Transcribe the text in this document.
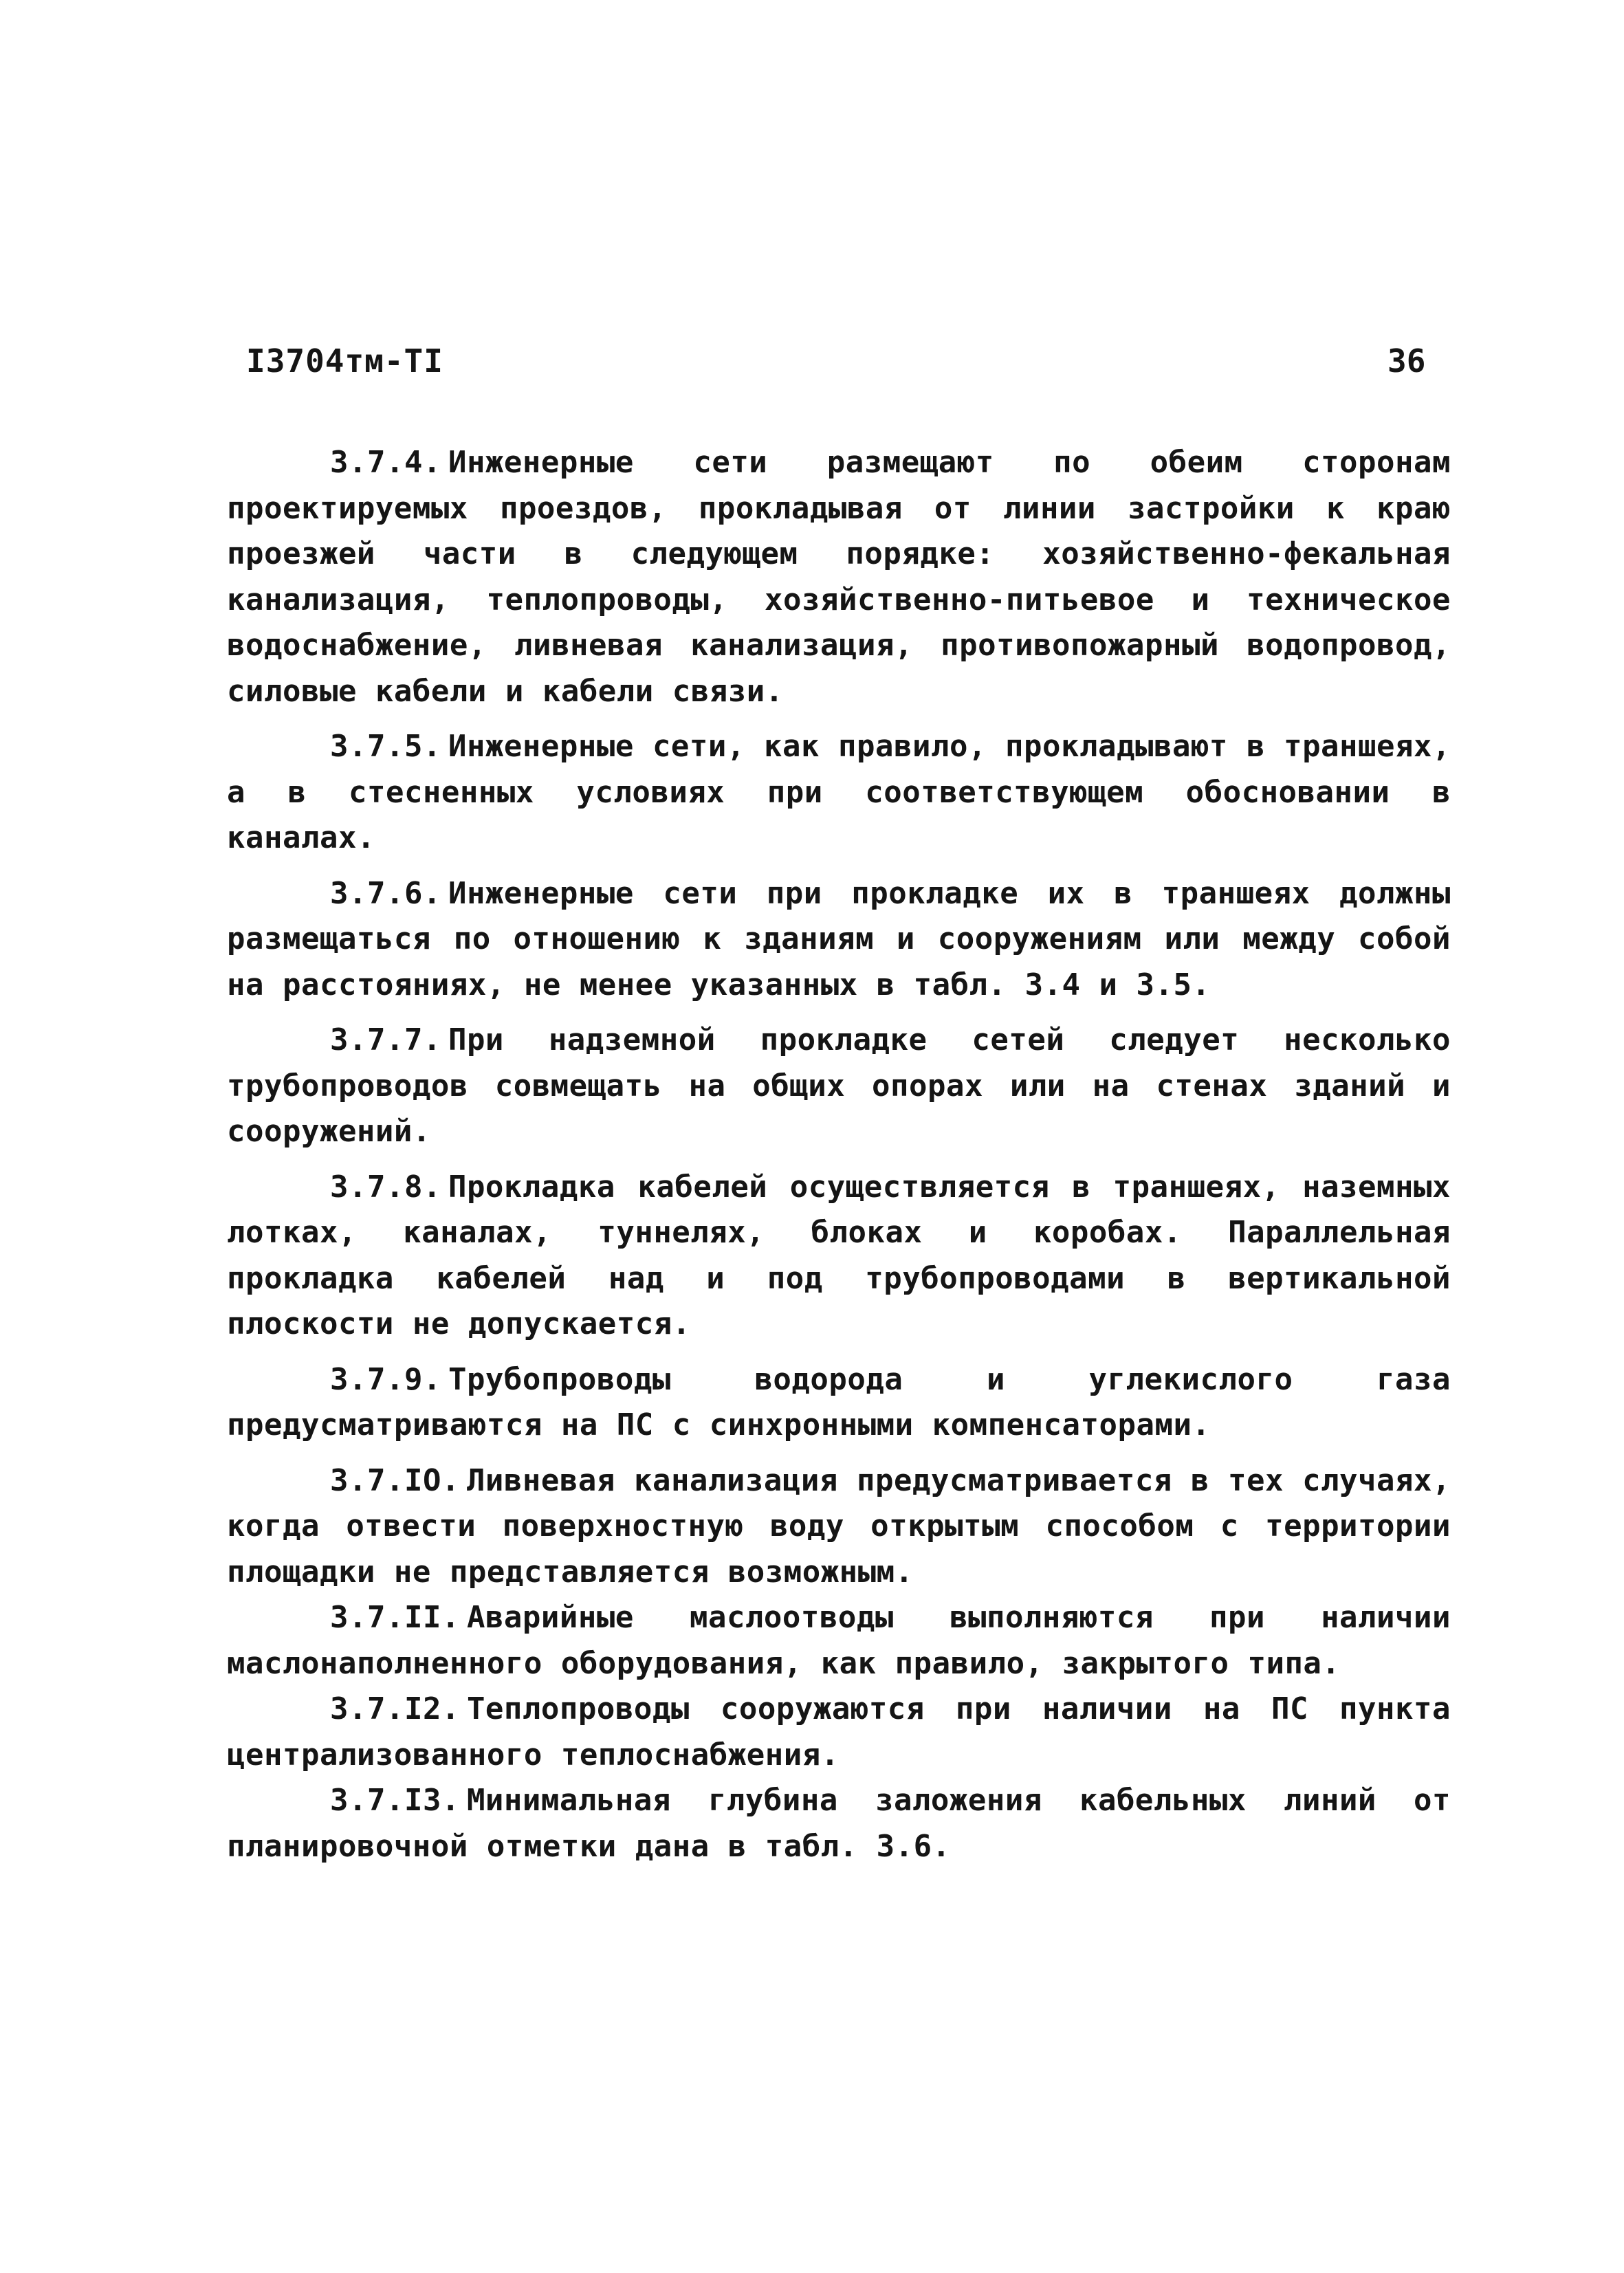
I3704тм-ТI	36

3.7.4. Инженерные сети размещают по обеим сторонам проектируемых проездов, прокладывая от линии застройки к краю проезжей части в следующем порядке: хозяйственно-фекальная канализация, теплопроводы, хозяйственно-питьевое и техническое водоснабжение, ливневая канализация, противопожарный водопровод, силовые кабели и кабели связи.

3.7.5. Инженерные сети, как правило, прокладывают в траншеях, а в стесненных условиях при соответствующем обосновании в каналах.

3.7.6. Инженерные сети при прокладке их в траншеях должны размещаться по отношению к зданиям и сооружениям или между собой на расстояниях, не менее указанных в табл. 3.4 и 3.5.

3.7.7. При надземной прокладке сетей следует несколько трубопроводов совмещать на общих опорах или на стенах зданий и сооружений.

3.7.8. Прокладка кабелей осуществляется в траншеях, наземных лотках, каналах, туннелях, блоках и коробах. Параллельная прокладка кабелей над и под трубопроводами в вертикальной плоскости не допускается.

3.7.9. Трубопроводы водорода и углекислого газа предусматриваются на ПС с синхронными компенсаторами.

3.7.IO. Ливневая канализация предусматривается в тех случаях, когда отвести поверхностную воду открытым способом с территории площадки не представляется возможным.

3.7.II. Аварийные маслоотводы выполняются при наличии маслонаполненного оборудования, как правило, закрытого типа.

3.7.I2. Теплопроводы сооружаются при наличии на ПС пункта централизованного теплоснабжения.

3.7.I3. Минимальная глубина заложения кабельных линий от планировочной отметки дана в табл. 3.6.
